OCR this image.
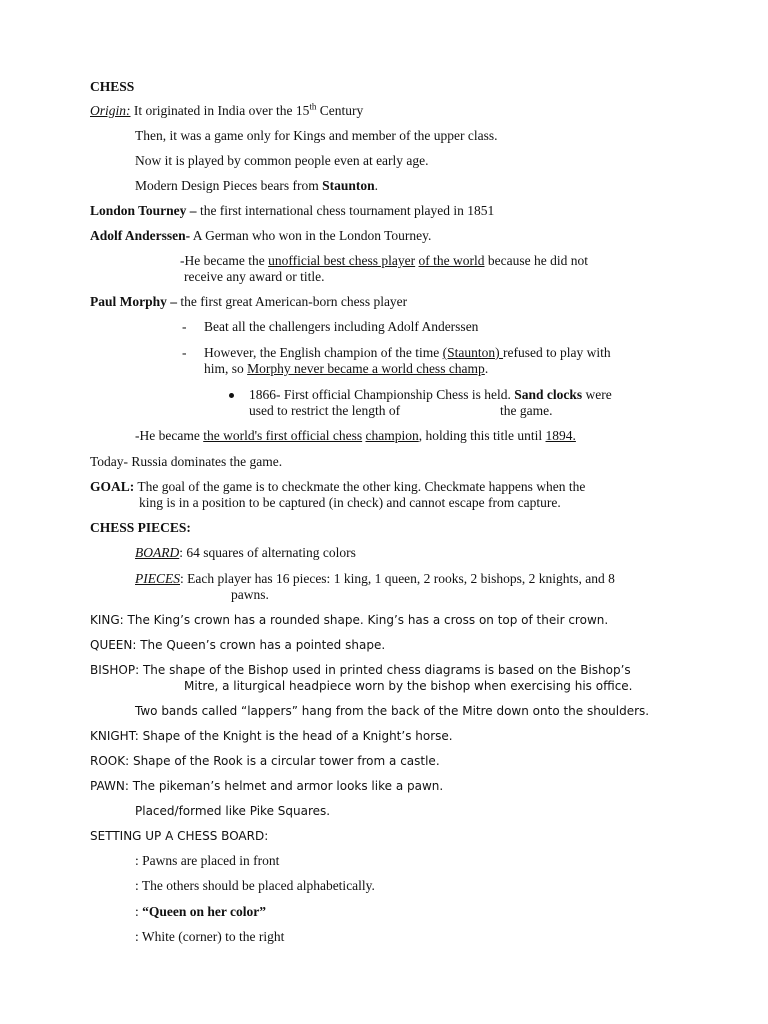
CHESS
Origin: It originated in India over the 15th Century
Then, it was a game only for Kings and member of the upper class.
Now it is played by common people even at early age.
Modern Design Pieces bears from Staunton.
London Tourney – the first international chess tournament played in 1851
Adolf Anderssen- A German who won in the London Tourney.
-He became the unofficial best chess player of the world because he did not
receive any award or title.
Paul Morphy – the first great American-born chess player
- Beat all the challengers including Adolf Anderssen
- However, the English champion of the time (Staunton) refused to play with
him, so Morphy never became a world chess champ.
1866- First official Championship Chess is held. Sand clocks were
used to restrict the length of	the game.
-He became the world's first official chess champion, holding this title until 1894.
Today- Russia dominates the game.
GOAL: The goal of the game is to checkmate the other king. Checkmate happens when the
king is in a position to be captured (in check) and cannot escape from capture.
CHESS PIECES:
BOARD: 64 squares of alternating colors
PIECES: Each player has 16 pieces: 1 king, 1 queen, 2 rooks, 2 bishops, 2 knights, and 8
pawns.
KING: The King’s crown has a rounded shape. King’s has a cross on top of their crown.
QUEEN: The Queen’s crown has a pointed shape.
BISHOP: The shape of the Bishop used in printed chess diagrams is based on the Bishop’s
Mitre, a liturgical headpiece worn by the bishop when exercising his office.
Two bands called “lappers” hang from the back of the Mitre down onto the shoulders.
KNIGHT: Shape of the Knight is the head of a Knight’s horse.
ROOK: Shape of the Rook is a circular tower from a castle.
PAWN: The pikeman’s helmet and armor looks like a pawn.
Placed/formed like Pike Squares.
SETTING UP A CHESS BOARD:
: Pawns are placed in front
: The others should be placed alphabetically.
: “Queen on her color”
: White (corner) to the right
